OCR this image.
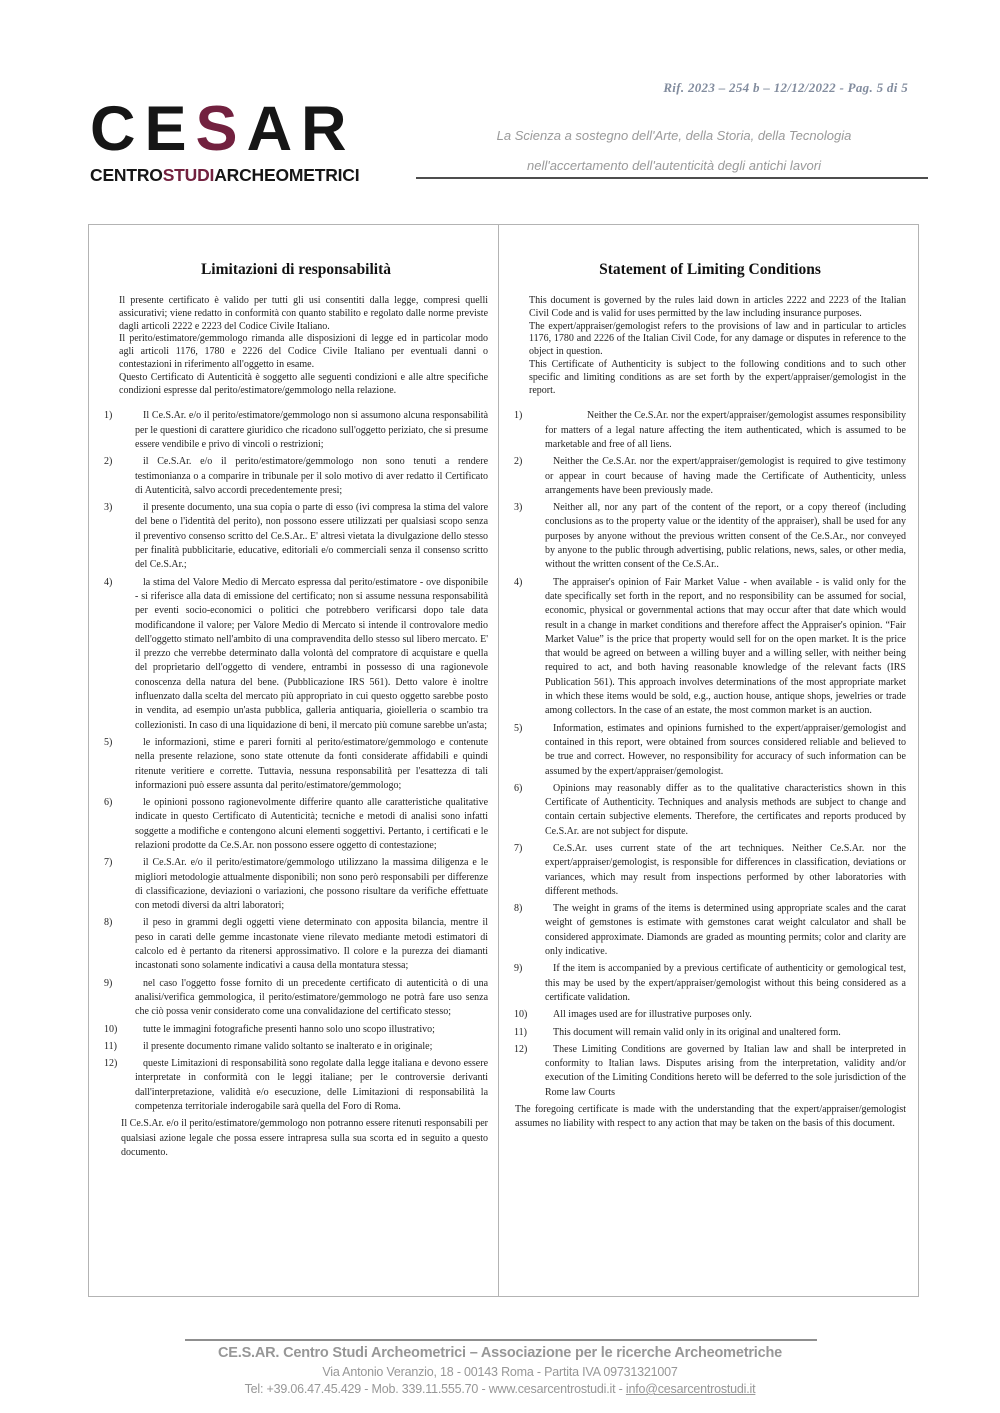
Rif. 2023 – 254 b – 12/12/2022 - Pag. 5 di 5
CESAR
CENTROSTUDIARCHEOMETRICI
La Scienza a sostegno dell'Arte, della Storia, della Tecnologia
nell'accertamento dell'autenticità degli antichi lavori
Limitazioni di responsabilità

Il presente certificato è valido per tutti gli usi consentiti dalla legge, compresi quelli assicurativi; viene redatto in conformità con quanto stabilito e regolato dalle norme previste dagli articoli 2222 e 2223 del Codice Civile Italiano.

Il perito/estimatore/gemmologo rimanda alle disposizioni di legge ed in particolar modo agli articoli 1176, 1780 e 2226 del Codice Civile Italiano per eventuali danni o contestazioni in riferimento all'oggetto in esame.

Questo Certificato di Autenticità è soggetto alle seguenti condizioni e alle altre specifiche condizioni espresse dal perito/estimatore/gemmologo nella relazione.

1)	Il Ce.S.Ar. e/o il perito/estimatore/gemmologo non si assumono alcuna responsabilità per le questioni di carattere giuridico che ricadono sull'oggetto periziato, che si presume essere vendibile e privo di vincoli o restrizioni;
2)	il Ce.S.Ar. e/o il perito/estimatore/gemmologo non sono tenuti a rendere testimonianza o a comparire in tribunale per il solo motivo di aver redatto il Certificato di Autenticità, salvo accordi precedentemente presi;
3)	il presente documento, una sua copia o parte di esso (ivi compresa la stima del valore del bene o l'identità del perito), non possono essere utilizzati per qualsiasi scopo senza il preventivo consenso scritto del Ce.S.Ar.. E' altresì vietata la divulgazione dello stesso per finalità pubblicitarie, educative, editoriali e/o commerciali senza il consenso scritto del Ce.S.Ar.;
4)	la stima del Valore Medio di Mercato espressa dal perito/estimatore - ove disponibile - si riferisce alla data di emissione del certificato; non si assume nessuna responsabilità per eventi socio-economici o politici che potrebbero verificarsi dopo tale data modificandone il valore; per Valore Medio di Mercato si intende il controvalore medio dell'oggetto stimato nell'ambito di una compravendita dello stesso sul libero mercato. E' il prezzo che verrebbe determinato dalla volontà del compratore di acquistare e quella del proprietario dell'oggetto di vendere, entrambi in possesso di una ragionevole conoscenza della natura del bene. (Pubblicazione IRS 561). Detto valore è inoltre influenzato dalla scelta del mercato più appropriato in cui questo oggetto sarebbe posto in vendita, ad esempio un'asta pubblica, galleria antiquaria, gioielleria o scambio tra collezionisti. In caso di una liquidazione di beni, il mercato più comune sarebbe un'asta;
5)	le informazioni, stime e pareri forniti al perito/estimatore/gemmologo e contenute nella presente relazione, sono state ottenute da fonti considerate affidabili e quindi ritenute veritiere e corrette. Tuttavia, nessuna responsabilità per l'esattezza di tali informazioni può essere assunta dal perito/estimatore/gemmologo;
6)	le opinioni possono ragionevolmente differire quanto alle caratteristiche qualitative indicate in questo Certificato di Autenticità; tecniche e metodi di analisi sono infatti soggette a modifiche e contengono alcuni elementi soggettivi. Pertanto, i certificati e le relazioni prodotte da Ce.S.Ar. non possono essere oggetto di contestazione;
7)	il Ce.S.Ar. e/o il perito/estimatore/gemmologo utilizzano la massima diligenza e le migliori metodologie attualmente disponibili; non sono però responsabili per differenze di classificazione, deviazioni o variazioni, che possono risultare da verifiche effettuate con metodi diversi da altri laboratori;
8)	il peso in grammi degli oggetti viene determinato con apposita bilancia, mentre il peso in carati delle gemme incastonate viene rilevato mediante metodi estimatori di calcolo ed è pertanto da ritenersi approssimativo. Il colore e la purezza dei diamanti incastonati sono solamente indicativi a causa della montatura stessa;
9)	nel caso l'oggetto fosse fornito di un precedente certificato di autenticità o di una analisi/verifica gemmologica, il perito/estimatore/gemmologo ne potrà fare uso senza che ciò possa venir considerato come una convalidazione del certificato stesso;
10)	tutte le immagini fotografiche presenti hanno solo uno scopo illustrativo;
11)	il presente documento rimane valido soltanto se inalterato e in originale;
12)	queste Limitazioni di responsabilità sono regolate dalla legge italiana e devono essere interpretate in conformità con le leggi italiane; per le controversie derivanti dall'interpretazione, validità e/o esecuzione, delle Limitazioni di responsabilità la competenza territoriale inderogabile sarà quella del Foro di Roma.
Il Ce.S.Ar. e/o il perito/estimatore/gemmologo non potranno essere ritenuti responsabili per qualsiasi azione legale che possa essere intrapresa sulla sua scorta ed in seguito a questo documento.
Statement of Limiting Conditions

This document is governed by the rules laid down in articles 2222 and 2223 of the Italian Civil Code and is valid for uses permitted by the law including insurance purposes.

The expert/appraiser/gemologist refers to the provisions of law and in particular to articles 1176, 1780 and 2226 of the Italian Civil Code, for any damage or disputes in reference to the object in question.

This Certificate of Authenticity is subject to the following conditions and to such other specific and limiting conditions as are set forth by the expert/appraiser/gemologist in the report.

1)	Neither the Ce.S.Ar. nor the expert/appraiser/gemologist assumes responsibility for matters of a legal nature affecting the item authenticated, which is assumed to be marketable and free of all liens.
2)	Neither the Ce.S.Ar. nor the expert/appraiser/gemologist is required to give testimony or appear in court because of having made the Certificate of Authenticity, unless arrangements have been previously made.
3)	Neither all, nor any part of the content of the report, or a copy thereof (including conclusions as to the property value or the identity of the appraiser), shall be used for any purposes by anyone without the previous written consent of the Ce.S.Ar., nor conveyed by anyone to the public through advertising, public relations, news, sales, or other media, without the written consent of the Ce.S.Ar..
4)	The appraiser's opinion of Fair Market Value - when available - is valid only for the date specifically set forth in the report, and no responsibility can be assumed for social, economic, physical or governmental actions that may occur after that date which would result in a change in market conditions and therefore affect the Appraiser's opinion. “Fair Market Value” is the price that property would sell for on the open market. It is the price that would be agreed on between a willing buyer and a willing seller, with neither being required to act, and both having reasonable knowledge of the relevant facts (IRS Publication 561). This approach involves determinations of the most appropriate market in which these items would be sold, e.g., auction house, antique shops, jewelries or trade among collectors. In the case of an estate, the most common market is an auction.
5)	Information, estimates and opinions furnished to the expert/appraiser/gemologist and contained in this report, were obtained from sources considered reliable and believed to be true and correct. However, no responsibility for accuracy of such information can be assumed by the expert/appraiser/gemologist.
6)	Opinions may reasonably differ as to the qualitative characteristics shown in this Certificate of Authenticity. Techniques and analysis methods are subject to change and contain certain subjective elements. Therefore, the certificates and reports produced by Ce.S.Ar. are not subject for dispute.
7)	Ce.S.Ar. uses current state of the art techniques. Neither Ce.S.Ar. nor the expert/appraiser/gemologist, is responsible for differences in classification, deviations or variances, which may result from inspections performed by other laboratories with different methods.
8)	The weight in grams of the items is determined using appropriate scales and the carat weight of gemstones is estimate with gemstones carat weight calculator and shall be considered approximate. Diamonds are graded as mounting permits; color and clarity are only indicative.
9)	If the item is accompanied by a previous certificate of authenticity or gemological test, this may be used by the expert/appraiser/gemologist without this being considered as a certificate validation.
10)	All images used are for illustrative purposes only.
11)	This document will remain valid only in its original and unaltered form.
12)	These Limiting Conditions are governed by Italian law and shall be interpreted in conformity to Italian laws. Disputes arising from the interpretation, validity and/or execution of the Limiting Conditions hereto will be deferred to the sole jurisdiction of the Rome law Courts
The foregoing certificate is made with the understanding that the expert/appraiser/gemologist assumes no liability with respect to any action that may be taken on the basis of this document.
CE.S.AR. Centro Studi Archeometrici – Associazione per le ricerche Archeometriche
Via Antonio Veranzio, 18 - 00143 Roma - Partita IVA 09731321007
Tel: +39.06.47.45.429 - Mob. 339.11.555.70 - www.cesarcentrostudi.it - info@cesarcentrostudi.it
